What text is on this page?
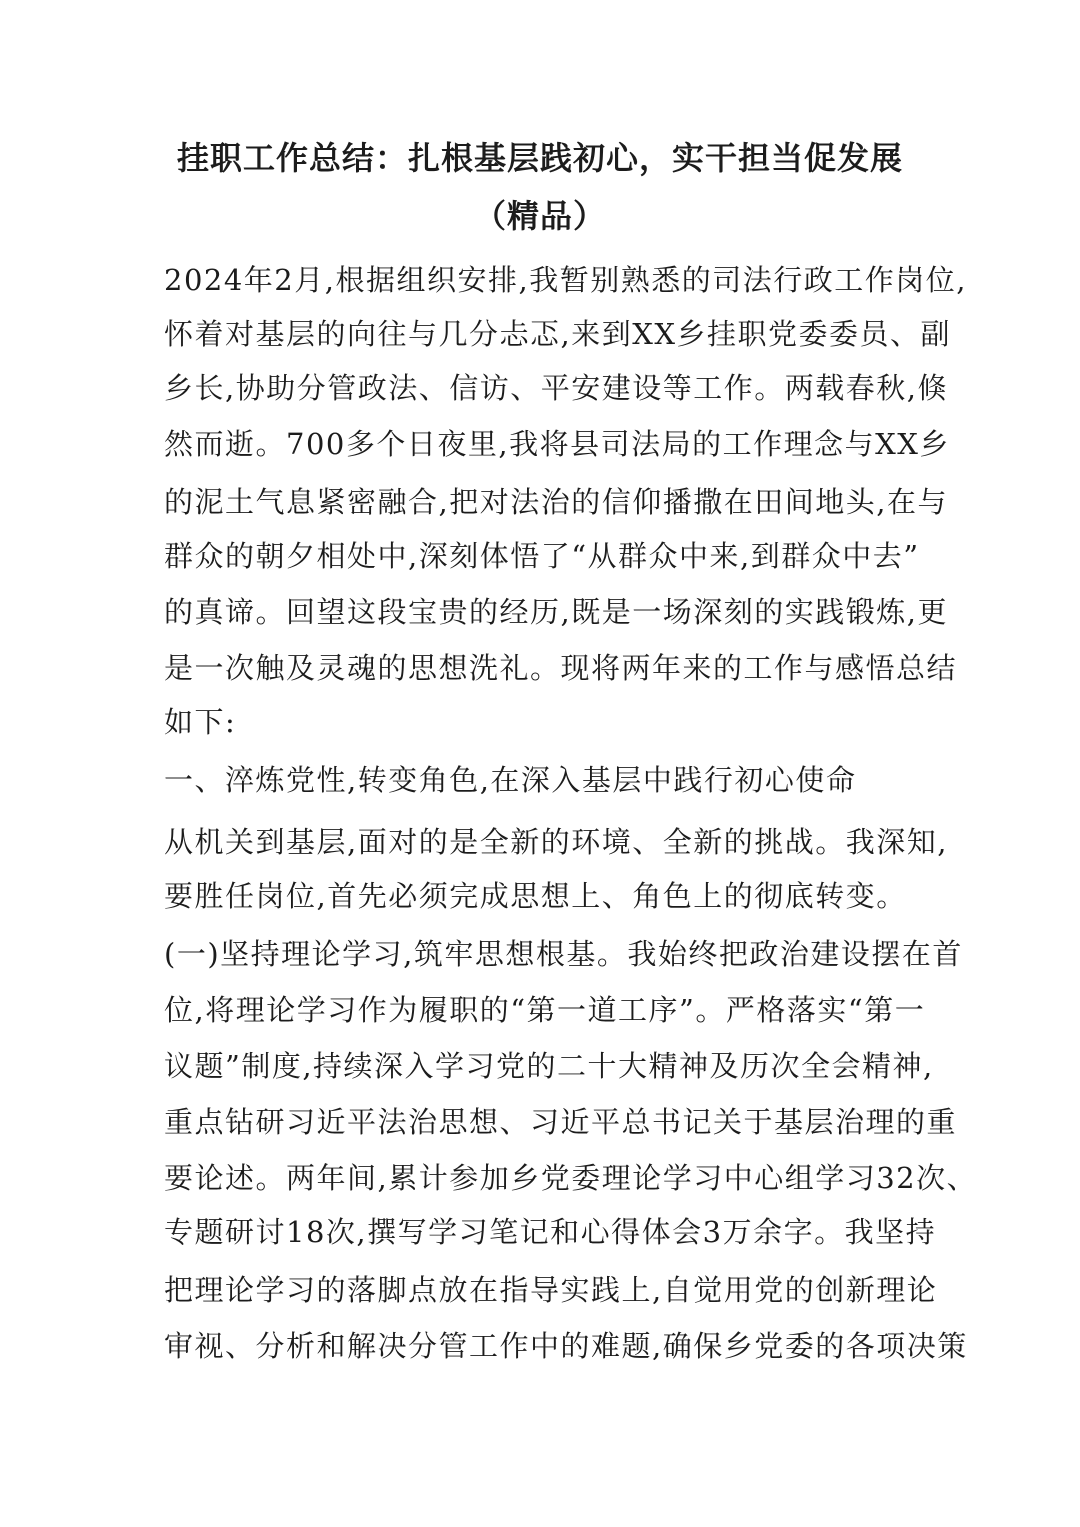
挂职工作总结：扎根基层践初心，实干担当促发展
（精品）

2024年2月,根据组织安排,我暂别熟悉的司法行政工作岗位,

怀着对基层的向往与几分忐忑,来到XX乡挂职党委委员、副

乡长,协助分管政法、信访、平安建设等工作。两载春秋,倏

然而逝。700多个日夜里,我将县司法局的工作理念与XX乡

的泥土气息紧密融合,把对法治的信仰播撒在田间地头,在与

群众的朝夕相处中,深刻体悟了“从群众中来,到群众中去”

的真谛。回望这段宝贵的经历,既是一场深刻的实践锻炼,更

是一次触及灵魂的思想洗礼。现将两年来的工作与感悟总结

如下:

一、淬炼党性,转变角色,在深入基层中践行初心使命

从机关到基层,面对的是全新的环境、全新的挑战。我深知,

要胜任岗位,首先必须完成思想上、角色上的彻底转变。

(一)坚持理论学习,筑牢思想根基。我始终把政治建设摆在首

位,将理论学习作为履职的“第一道工序”。严格落实“第一

议题”制度,持续深入学习党的二十大精神及历次全会精神,

重点钻研习近平法治思想、习近平总书记关于基层治理的重

要论述。两年间,累计参加乡党委理论学习中心组学习32次、

专题研讨18次,撰写学习笔记和心得体会3万余字。我坚持

把理论学习的落脚点放在指导实践上,自觉用党的创新理论

审视、分析和解决分管工作中的难题,确保乡党委的各项决策
